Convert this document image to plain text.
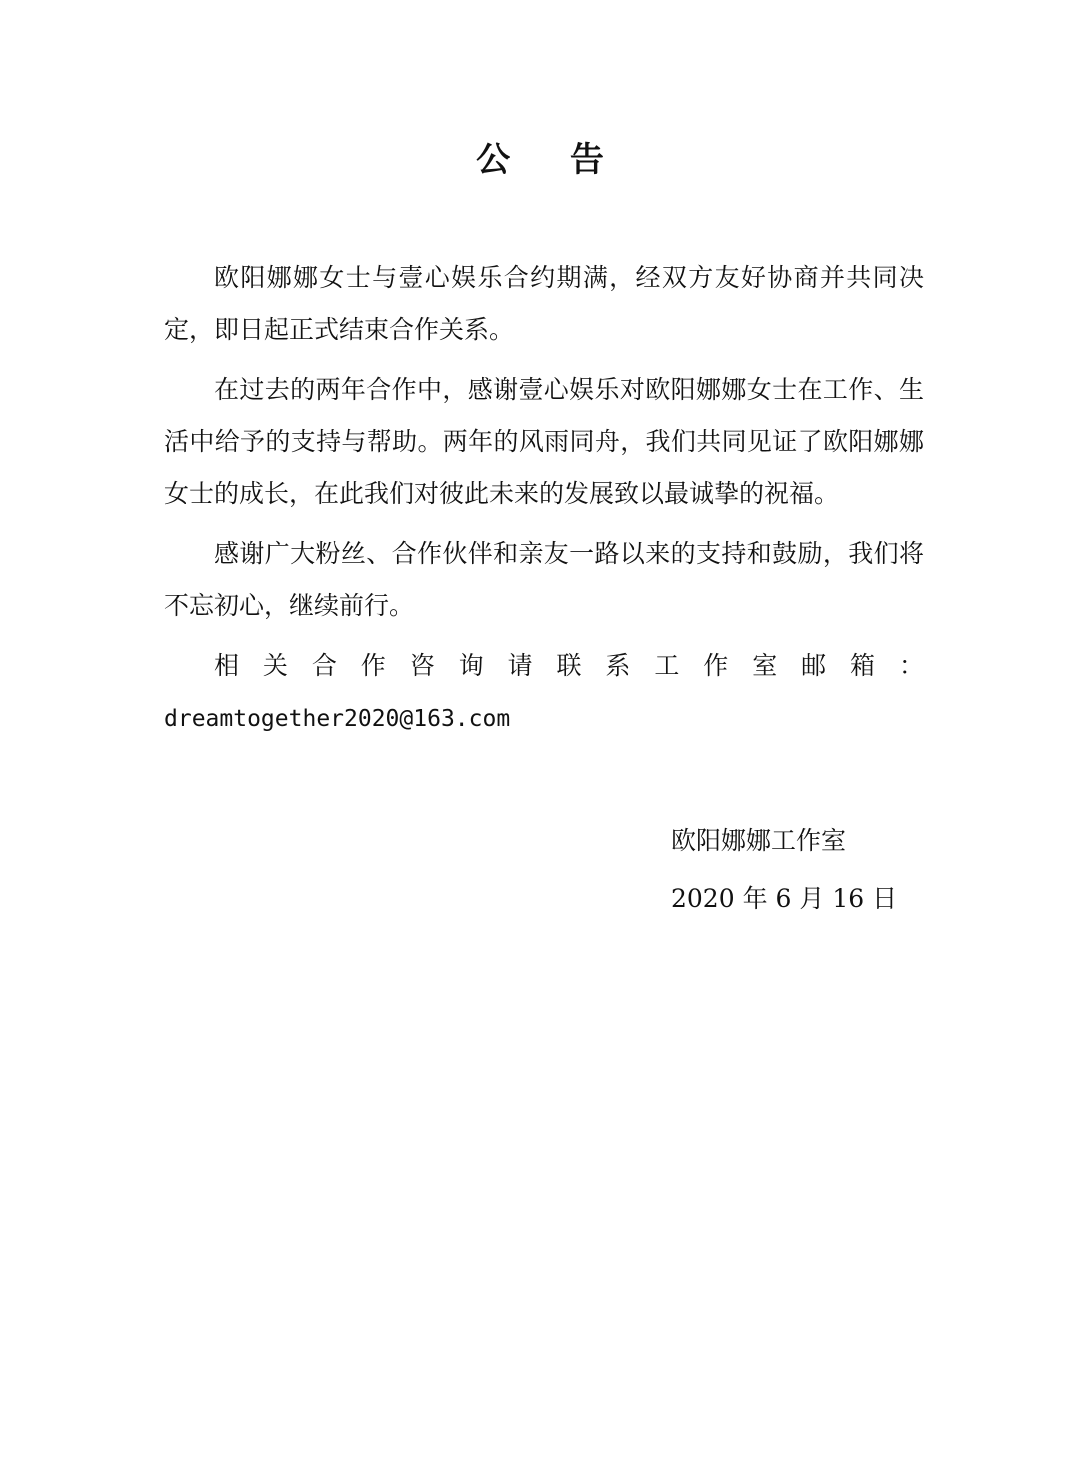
公 告

欧阳娜娜女士与壹心娱乐合约期满，经双方友好协商并共同决定，即日起正式结束合作关系。

在过去的两年合作中，感谢壹心娱乐对欧阳娜娜女士在工作、生活中给予的支持与帮助。两年的风雨同舟，我们共同见证了欧阳娜娜女士的成长，在此我们对彼此未来的发展致以最诚挚的祝福。

感谢广大粉丝、合作伙伴和亲友一路以来的支持和鼓励，我们将不忘初心，继续前行。

相关合作咨询请联系工作室邮箱：dreamtogether2020@163.com

欧阳娜娜工作室
2020 年 6 月 16 日
